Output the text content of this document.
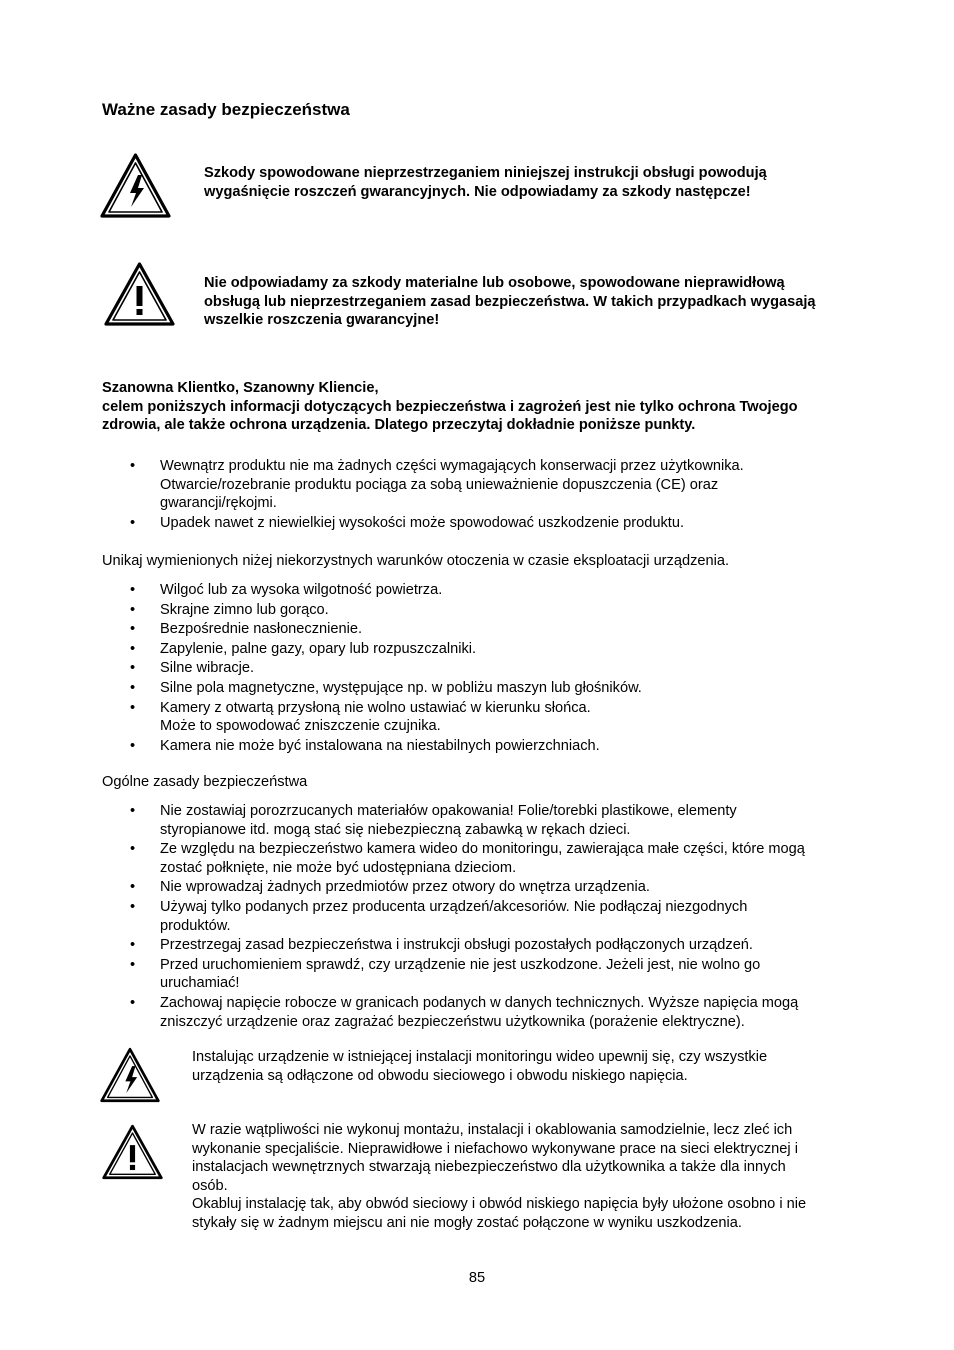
Ważne zasady bezpieczeństwa
Szkody spowodowane nieprzestrzeganiem niniejszej instrukcji obsługi powodują
wygaśnięcie roszczeń gwarancyjnych. Nie odpowiadamy za szkody następcze!
Nie odpowiadamy za szkody materialne lub osobowe, spowodowane nieprawidłową
obsługą lub nieprzestrzeganiem zasad bezpieczeństwa. W takich przypadkach wygasają
wszelkie roszczenia gwarancyjne!
Szanowna Klientko, Szanowny Kliencie,
celem poniższych informacji dotyczących bezpieczeństwa i zagrożeń jest nie tylko ochrona Twojego
zdrowia, ale także ochrona urządzenia. Dlatego przeczytaj dokładnie poniższe punkty.
• Wewnątrz produktu nie ma żadnych części wymagających konserwacji przez użytkownika.
Otwarcie/rozebranie produktu pociąga za sobą unieważnienie dopuszczenia (CE) oraz
gwarancji/rękojmi.
• Upadek nawet z niewielkiej wysokości może spowodować uszkodzenie produktu.
Unikaj wymienionych niżej niekorzystnych warunków otoczenia w czasie eksploatacji urządzenia.
• Wilgoć lub za wysoka wilgotność powietrza.
• Skrajne zimno lub gorąco.
• Bezpośrednie nasłonecznienie.
• Zapylenie, palne gazy, opary lub rozpuszczalniki.
• Silne wibracje.
• Silne pola magnetyczne, występujące np. w pobliżu maszyn lub głośników.
• Kamery z otwartą przysłoną nie wolno ustawiać w kierunku słońca.
Może to spowodować zniszczenie czujnika.
• Kamera nie może być instalowana na niestabilnych powierzchniach.
Ogólne zasady bezpieczeństwa
• Nie zostawiaj porozrzucanych materiałów opakowania! Folie/torebki plastikowe, elementy
styropianowe itd. mogą stać się niebezpieczną zabawką w rękach dzieci.
• Ze względu na bezpieczeństwo kamera wideo do monitoringu, zawierająca małe części, które mogą
zostać połknięte, nie może być udostępniana dzieciom.
• Nie wprowadzaj żadnych przedmiotów przez otwory do wnętrza urządzenia.
• Używaj tylko podanych przez producenta urządzeń/akcesoriów. Nie podłączaj niezgodnych
produktów.
• Przestrzegaj zasad bezpieczeństwa i instrukcji obsługi pozostałych podłączonych urządzeń.
• Przed uruchomieniem sprawdź, czy urządzenie nie jest uszkodzone. Jeżeli jest, nie wolno go
uruchamiać!
• Zachowaj napięcie robocze w granicach podanych w danych technicznych. Wyższe napięcia mogą
zniszczyć urządzenie oraz zagrażać bezpieczeństwu użytkownika (porażenie elektryczne).
Instalując urządzenie w istniejącej instalacji monitoringu wideo upewnij się, czy wszystkie
urządzenia są odłączone od obwodu sieciowego i obwodu niskiego napięcia.
W razie wątpliwości nie wykonuj montażu, instalacji i okablowania samodzielnie, lecz zleć ich
wykonanie specjaliście. Nieprawidłowe i niefachowo wykonywane prace na sieci elektrycznej i
instalacjach wewnętrznych stwarzają niebezpieczeństwo dla użytkownika a także dla innych
osób.
Okabluj instalację tak, aby obwód sieciowy i obwód niskiego napięcia były ułożone osobno i nie
stykały się w żadnym miejscu ani nie mogły zostać połączone w wyniku uszkodzenia.
85
